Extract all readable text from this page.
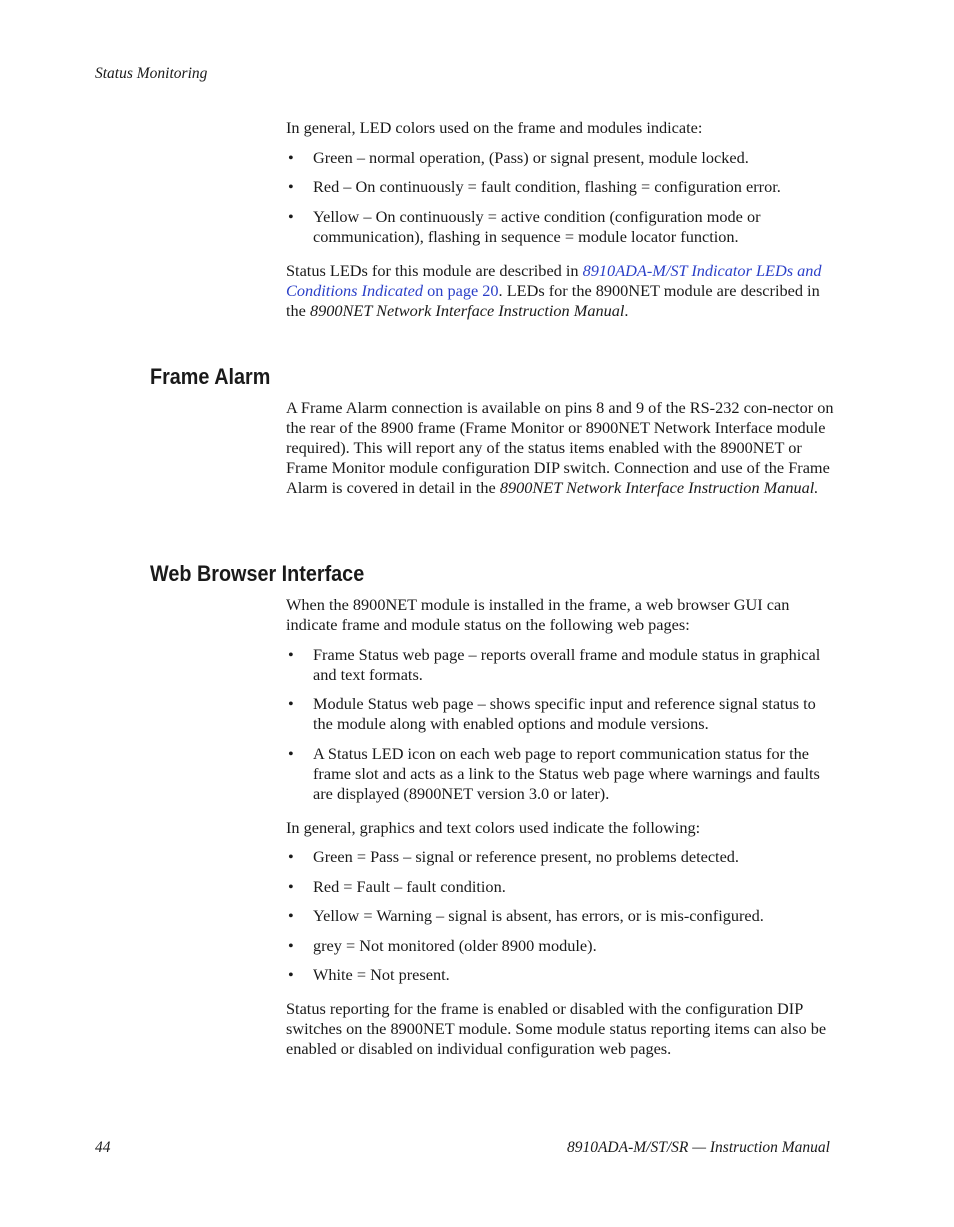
Status Monitoring

In general, LED colors used on the frame and modules indicate:

• Green – normal operation, (Pass) or signal present, module locked.
• Red – On continuously = fault condition, flashing = configuration error.
• Yellow – On continuously = active condition (configuration mode or communication), flashing in sequence = module locator function.

Status LEDs for this module are described in 8910ADA-M/ST Indicator LEDs and Conditions Indicated on page 20. LEDs for the 8900NET module are described in the 8900NET Network Interface Instruction Manual.

Frame Alarm

A Frame Alarm connection is available on pins 8 and 9 of the RS-232 con-nector on the rear of the 8900 frame (Frame Monitor or 8900NET Network Interface module required). This will report any of the status items enabled with the 8900NET or Frame Monitor module configuration DIP switch. Connection and use of the Frame Alarm is covered in detail in the 8900NET Network Interface Instruction Manual.

Web Browser Interface

When the 8900NET module is installed in the frame, a web browser GUI can indicate frame and module status on the following web pages:

• Frame Status web page – reports overall frame and module status in graphical and text formats.
• Module Status web page – shows specific input and reference signal status to the module along with enabled options and module versions.
• A Status LED icon on each web page to report communication status for the frame slot and acts as a link to the Status web page where warnings and faults are displayed (8900NET version 3.0 or later).

In general, graphics and text colors used indicate the following:

• Green = Pass – signal or reference present, no problems detected.
• Red = Fault – fault condition.
• Yellow = Warning – signal is absent, has errors, or is mis-configured.
• grey = Not monitored (older 8900 module).
• White = Not present.

Status reporting for the frame is enabled or disabled with the configuration DIP switches on the 8900NET module. Some module status reporting items can also be enabled or disabled on individual configuration web pages.

44	8910ADA-M/ST/SR — Instruction Manual
